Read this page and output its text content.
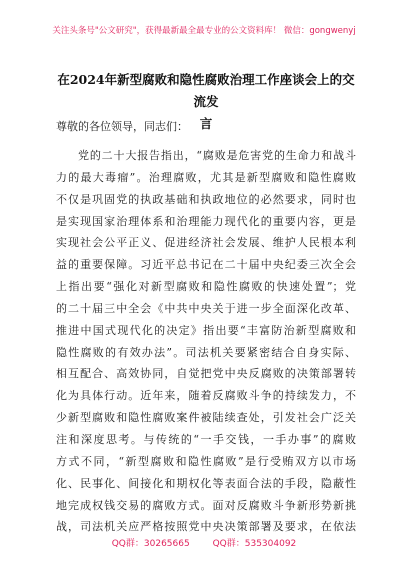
关注头条号"公文研究"，获得最新最全最专业的公文资料库！ 微信：gongwenyj
在2024年新型腐败和隐性腐败治理工作座谈会上的交流发
言
尊敬的各位领导，同志们：
党的二十大报告指出，“腐败是危害党的生命力和战斗
力的最大毒瘤”。治理腐败，尤其是新型腐败和隐性腐败
不仅是巩固党的执政基础和执政地位的必然要求，同时也
是实现国家治理体系和治理能力现代化的重要内容，更是
实现社会公平正义、促进经济社会发展、维护人民根本利
益的重要保障。习近平总书记在二十届中央纪委三次全会
上指出要“强化对新型腐败和隐性腐败的快速处置”；党
的二十届三中全会《中共中央关于进一步全面深化改革、
推进中国式现代化的决定》指出要“丰富防治新型腐败和
隐性腐败的有效办法”。司法机关要紧密结合自身实际、
相互配合、高效协同，自觉把党中央反腐败的决策部署转
化为具体行动。近年来，随着反腐败斗争的持续发力，不
少新型腐败和隐性腐败案件被陆续查处，引发社会广泛关
注和深度思考。与传统的“一手交钱，一手办事”的腐败
方式不同，“新型腐败和隐性腐败”是行受贿双方以市场
化、民事化、间接化和期权化等表面合法的手段，隐蔽性
地完成权钱交易的腐败方式。面对反腐败斗争新形势新挑
战，司法机关应严格按照党中央决策部署及要求，在依法
QQ群：30265665	QQ群：535304092
